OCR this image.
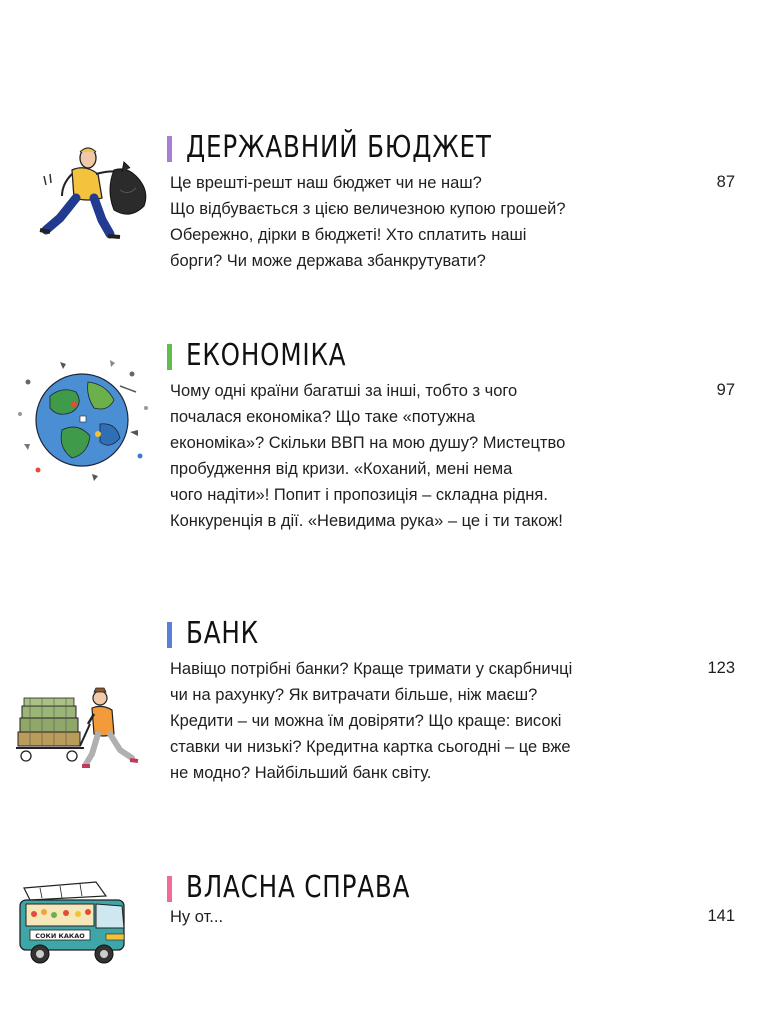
ДЕРЖАВНИЙ БЮДЖЕТ
Це врешті-решт наш бюджет чи не наш?
Що відбувається з цією величезною купою грошей?
Обережно, дірки в бюджеті! Хто сплатить наші
борги? Чи може держава збанкрутувати?
87
ЕКОНОМІКА
Чому одні країни багатші за інші, тобто з чого
почалася економіка? Що таке «потужна
економіка»? Скільки ВВП на мою душу? Мистецтво
пробудження від кризи. «Коханий, мені нема
чого надіти»! Попит і пропозиція – складна рідня.
Конкуренція в дії. «Невидима рука» – це і ти також!
97
БАНК
Навіщо потрібні банки? Краще тримати у скарбничці
чи на рахунку? Як витрачати більше, ніж маєш?
Кредити – чи можна їм довіряти? Що краще: високі
ставки чи низькі? Кредитна картка сьогодні – це вже
не модно? Найбільший банк світу.
123
СОКИ КАКАО
ВЛАСНА СПРАВА
Ну от...	141
